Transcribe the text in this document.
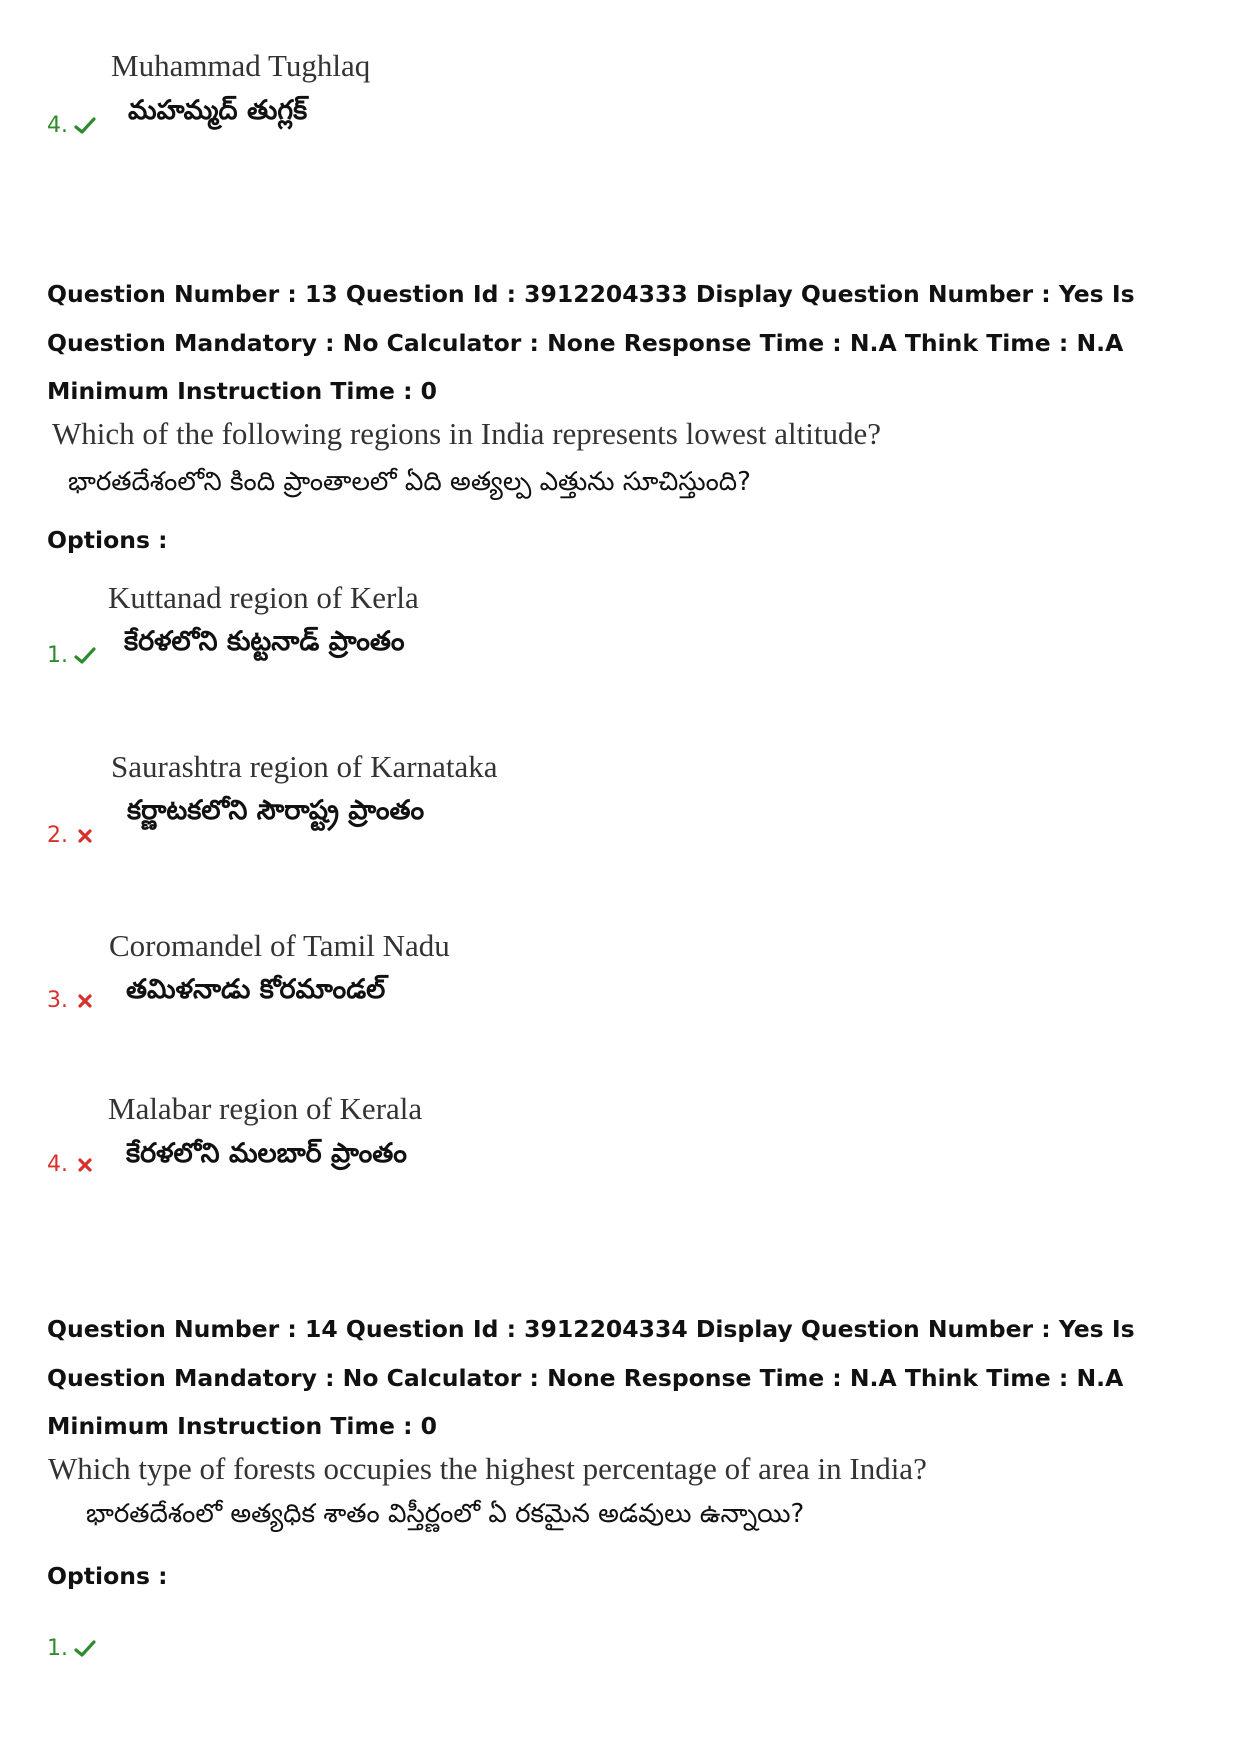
Muhammad Tughlaq
మహమ్మద్ తుగ్లక్
4.
Question Number : 13 Question Id : 3912204333 Display Question Number : Yes Is Question Mandatory : No Calculator : None Response Time : N.A Think Time : N.A Minimum Instruction Time : 0
Which of the following regions in India represents lowest altitude?
భారతదేశంలోని కింది ప్రాంతాలలో ఏది అత్యల్ప ఎత్తును సూచిస్తుంది?
Options :
Kuttanad region of Kerla
కేరళలోని కుట్టనాడ్ ప్రాంతం
1.
Saurashtra region of Karnataka
కర్ణాటకలోని సౌరాష్ట్ర ప్రాంతం
2.
Coromandel of Tamil Nadu
తమిళనాడు కోరమాండల్
3.
Malabar region of Kerala
కేరళలోని మలబార్ ప్రాంతం
4.
Question Number : 14 Question Id : 3912204334 Display Question Number : Yes Is Question Mandatory : No Calculator : None Response Time : N.A Think Time : N.A Minimum Instruction Time : 0
Which type of forests occupies the highest percentage of area in India?
భారతదేశంలో అత్యధిక శాతం విస్తీర్ణంలో ఏ రకమైన అడవులు ఉన్నాయి?
Options :
1.
